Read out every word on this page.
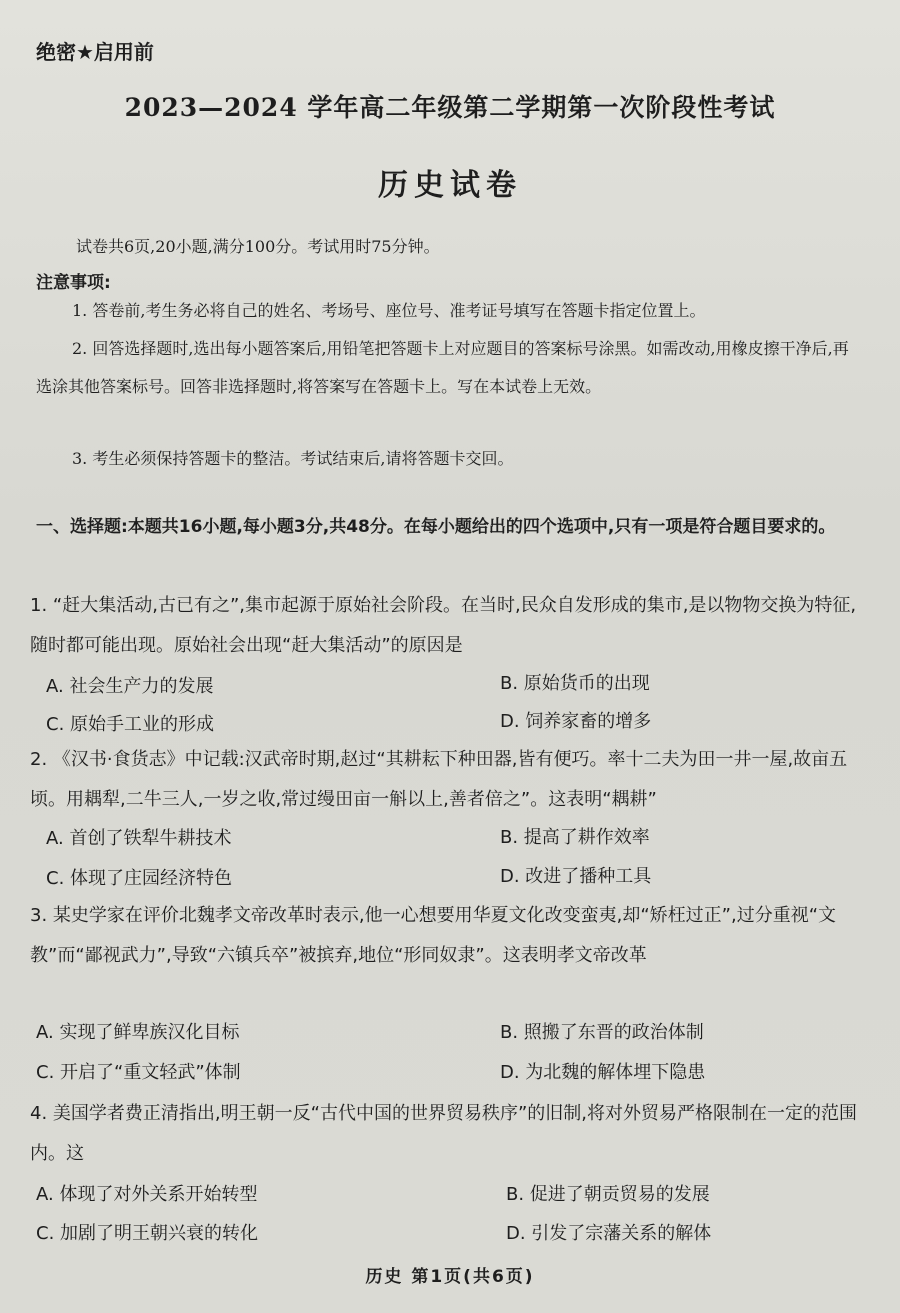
绝密★启用前
2023—2024 学年高二年级第二学期第一次阶段性考试
历史试卷
试卷共6页,20小题,满分100分。考试用时75分钟。
注意事项:
1. 答卷前,考生务必将自己的姓名、考场号、座位号、准考证号填写在答题卡指定位置上。
2. 回答选择题时,选出每小题答案后,用铅笔把答题卡上对应题目的答案标号涂黑。如需改动,用橡皮擦干净后,再选涂其他答案标号。回答非选择题时,将答案写在答题卡上。写在本试卷上无效。
3. 考生必须保持答题卡的整洁。考试结束后,请将答题卡交回。
一、选择题:本题共16小题,每小题3分,共48分。在每小题给出的四个选项中,只有一项是符合题目要求的。
1. “赶大集活动,古已有之”,集市起源于原始社会阶段。在当时,民众自发形成的集市,是以物物交换为特征,随时都可能出现。原始社会出现“赶大集活动”的原因是
A. 社会生产力的发展	B. 原始货币的出现
C. 原始手工业的形成	D. 饲养家畜的增多
2. 《汉书·食货志》中记载:汉武帝时期,赵过“其耕耘下种田器,皆有便巧。率十二夫为田一井一屋,故亩五顷。用耦犁,二牛三人,一岁之收,常过缦田亩一斛以上,善者倍之”。这表明“耦耕”
A. 首创了铁犁牛耕技术	B. 提高了耕作效率
C. 体现了庄园经济特色	D. 改进了播种工具
3. 某史学家在评价北魏孝文帝改革时表示,他一心想要用华夏文化改变蛮夷,却“矫枉过正”,过分重视“文教”而“鄙视武力”,导致“六镇兵卒”被摈弃,地位“形同奴隶”。这表明孝文帝改革
A. 实现了鲜卑族汉化目标	B. 照搬了东晋的政治体制
C. 开启了“重文轻武”体制	D. 为北魏的解体埋下隐患
4. 美国学者费正清指出,明王朝一反“古代中国的世界贸易秩序”的旧制,将对外贸易严格限制在一定的范围内。这
A. 体现了对外关系开始转型	B. 促进了朝贡贸易的发展
C. 加剧了明王朝兴衰的转化	D. 引发了宗藩关系的解体
历史 第1页(共6页)
